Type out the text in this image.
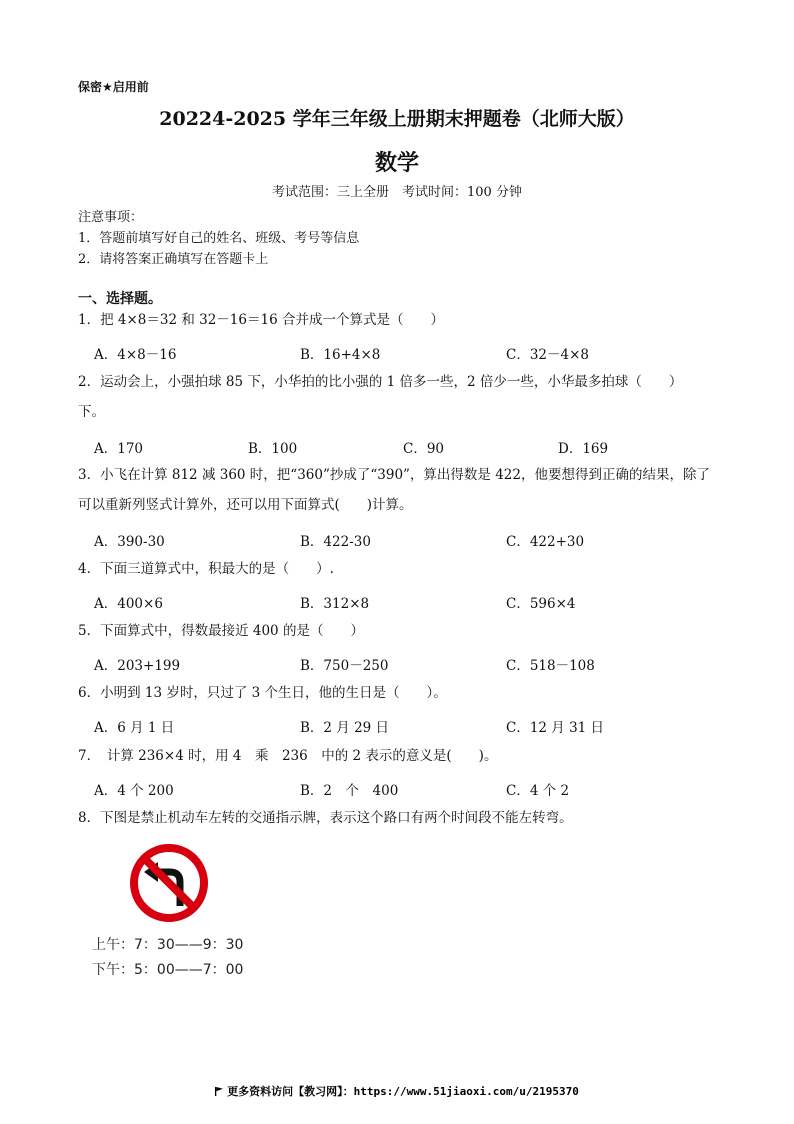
保密★启用前
20224-2025 学年三年级上册期末押题卷（北师大版）
数学
考试范围：三上全册　考试时间：100 分钟
注意事项：
1．答题前填写好自己的姓名、班级、考号等信息
2．请将答案正确填写在答题卡上
一、选择题。
1．把 4×8＝32 和 32－16＝16 合并成一个算式是（　　）
A．4×8－16	B．16+4×8	C．32－4×8
2．运动会上，小强拍球 85 下，小华拍的比小强的 1 倍多一些，2 倍少一些，小华最多拍球（　　）
下。
A．170	B．100	C．90	D．169
3．小飞在计算 812 减 360 时，把“360”抄成了“390”，算出得数是 422，他要想得到正确的结果，除了
可以重新列竖式计算外，还可以用下面算式(　　)计算。
A．390-30	B．422-30	C．422+30
4．下面三道算式中，积最大的是（　　）.
A．400×6	B．312×8	C．596×4
5．下面算式中，得数最接近 400 的是（　　）
A．203+199	B．750－250	C．518－108
6．小明到 13 岁时，只过了 3 个生日，他的生日是（　　）。
A．6 月 1 日	B．2 月 29 日	C．12 月 31 日
7．　计算 236×4 时，用 4　乘　236　中的 2 表示的意义是(　　)。
A．4 个 200	B．2　个　400	C．4 个 2
8．下图是禁止机动车左转的交通指示牌，表示这个路口有两个时间段不能左转弯。
上午：7：30——9：30
下午：5：00——7：00
更多资料访问【教习网】：https://www.51jiaoxi.com/u/2195370
